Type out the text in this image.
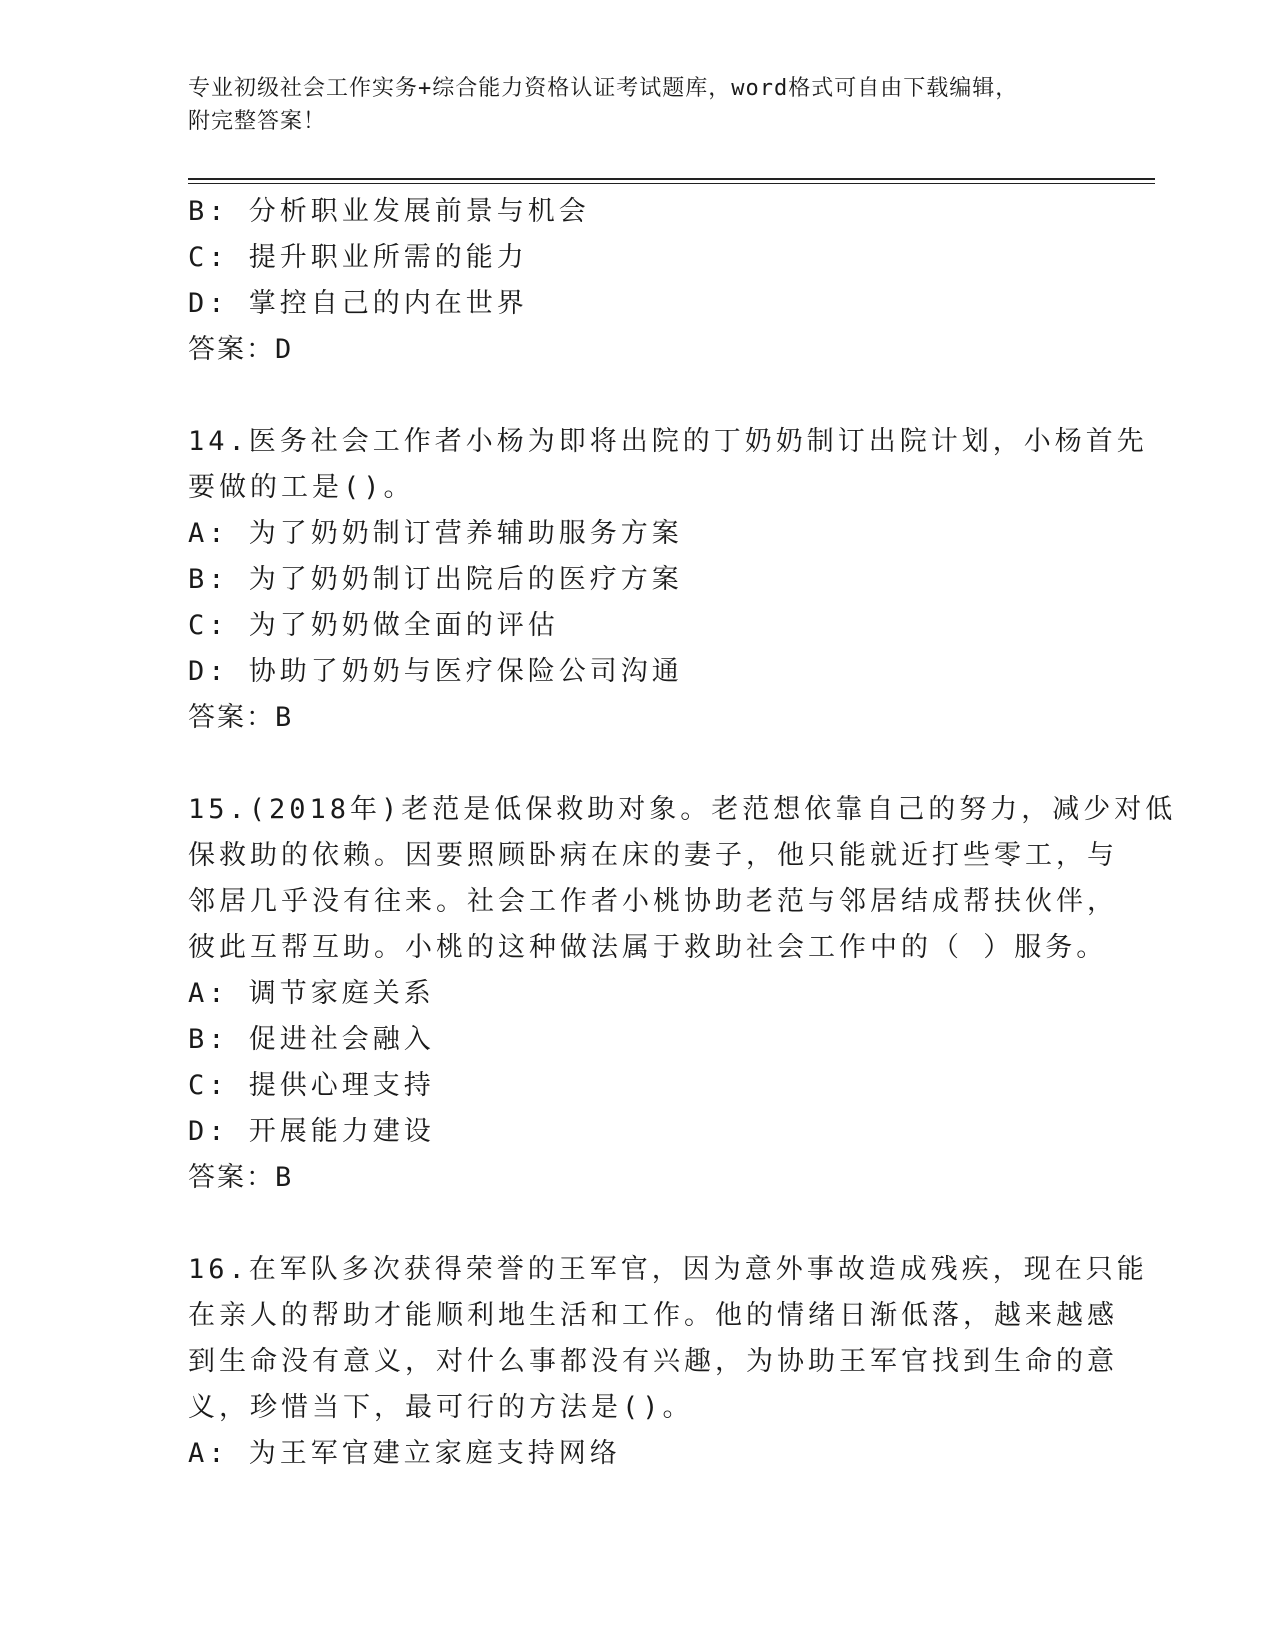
专业初级社会工作实务+综合能力资格认证考试题库，word格式可自由下载编辑，
附完整答案！
B: 分析职业发展前景与机会
C: 提升职业所需的能力
D: 掌控自己的内在世界
答案：D
14.医务社会工作者小杨为即将出院的丁奶奶制订出院计划，小杨首先
要做的工是()。
A: 为了奶奶制订营养辅助服务方案
B: 为了奶奶制订出院后的医疗方案
C: 为了奶奶做全面的评估
D: 协助了奶奶与医疗保险公司沟通
答案：B
15.(2018年)老范是低保救助对象。老范想依靠自己的努力，减少对低
保救助的依赖。因要照顾卧病在床的妻子，他只能就近打些零工，与
邻居几乎没有往来。社会工作者小桃协助老范与邻居结成帮扶伙伴，
彼此互帮互助。小桃的这种做法属于救助社会工作中的（ ）服务。
A: 调节家庭关系
B: 促进社会融入
C: 提供心理支持
D: 开展能力建设
答案：B
16.在军队多次获得荣誉的王军官，因为意外事故造成残疾，现在只能
在亲人的帮助才能顺利地生活和工作。他的情绪日渐低落，越来越感
到生命没有意义，对什么事都没有兴趣，为协助王军官找到生命的意
义，珍惜当下，最可行的方法是()。
A: 为王军官建立家庭支持网络
